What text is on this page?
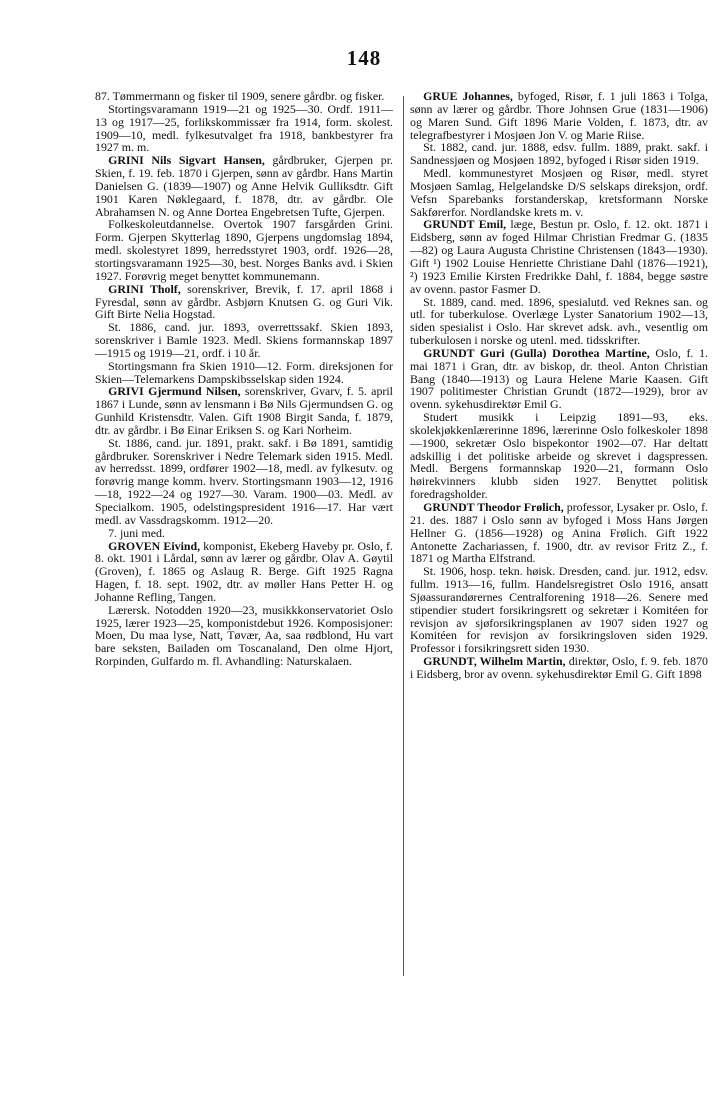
148

87. Tømmermann og fisker til 1909, senere gårdbr. og fisker.

Stortingsvaramann 1919—21 og 1925—30. Ordf. 1911—13 og 1917—25, forlikskommissær fra 1914, form. skolest. 1909—10, medl. fylkesutvalget fra 1918, bankbestyrer fra 1927 m. m.

GRINI Nils Sigvart Hansen, gårdbruker, Gjerpen pr. Skien, f. 19. feb. 1870 i Gjerpen, sønn av gårdbr. Hans Martin Danielsen G. (1839—1907) og Anne Helvik Gulliksdtr. Gift 1901 Karen Nøklegaard, f. 1878, dtr. av gårdbr. Ole Abrahamsen N. og Anne Dortea Engebretsen Tufte, Gjerpen.

Folkeskoleutdannelse. Overtok 1907 farsgården Grini. Form. Gjerpen Skytterlag 1890, Gjerpens ungdomslag 1894, medl. skolestyret 1899, herredsstyret 1903, ordf. 1926—28, stortingsvaramann 1925—30, best. Norges Banks avd. i Skien 1927. Forøvrig meget benyttet kommunemann.

GRINI Tholf, sorenskriver, Brevik, f. 17. april 1868 i Fyresdal, sønn av gårdbr. Asbjørn Knutsen G. og Guri Vik. Gift Birte Nelia Hogstad.

St. 1886, cand. jur. 1893, overrettssakf. Skien 1893, sorenskriver i Bamle 1923. Medl. Skiens formannskap 1897—1915 og 1919—21, ordf. i 10 år.

Stortingsmann fra Skien 1910—12. Form. direksjonen for Skien—Telemarkens Dampskibsselskap siden 1924.

GRIVI Gjermund Nilsen, sorenskriver, Gvarv, f. 5. april 1867 i Lunde, sønn av lensmann i Bø Nils Gjermundsen G. og Gunhild Kristensdtr. Valen. Gift 1908 Birgit Sanda, f. 1879, dtr. av gårdbr. i Bø Einar Eriksen S. og Kari Norheim.

St. 1886, cand. jur. 1891, prakt. sakf. i Bø 1891, samtidig gårdbruker. Sorenskriver i Nedre Telemark siden 1915. Medl. av herredsst. 1899, ordfører 1902—18, medl. av fylkesutv. og forøvrig mange komm. hverv. Stortingsmann 1903—12, 1916—18, 1922—24 og 1927—30. Varam. 1900—03. Medl. av Specialkom. 1905, odelstingspresident 1916—17. Har vært medl. av Vassdragskomm. 1912—20.

7. juni med.

GROVEN Eivind, komponist, Ekeberg Haveby pr. Oslo, f. 8. okt. 1901 i Lårdal, sønn av lærer og gårdbr. Olav A. Gøytil (Groven), f. 1865 og Aslaug R. Berge. Gift 1925 Ragna Hagen, f. 18. sept. 1902, dtr. av møller Hans Petter H. og Johanne Refling, Tangen.

Lærersk. Notodden 1920—23, musikkkonservatoriet Oslo 1925, lærer 1923—25, komponistdebut 1926. Komposisjoner: Moen, Du maa lyse, Natt, Tøvær, Aa, saa rødblond, Hu vart bare seksten, Bailaden om Toscanaland, Den olme Hjort, Rorpinden, Gulfardo m. fl. Avhandling: Naturskalaen.

GRUE Johannes, byfoged, Risør, f. 1 juli 1863 i Tolga, sønn av lærer og gårdbr. Thore Johnsen Grue (1831—1906) og Maren Sund. Gift 1896 Marie Volden, f. 1873, dtr. av telegrafbestyrer i Mosjøen Jon V. og Marie Riise.

St. 1882, cand. jur. 1888, edsv. fullm. 1889, prakt. sakf. i Sandnessjøen og Mosjøen 1892, byfoged i Risør siden 1919.

Medl. kommunestyret Mosjøen og Risør, medl. styret Mosjøen Samlag, Helgelandske D/S selskaps direksjon, ordf. Vefsn Sparebanks forstanderskap, kretsformann Norske Sakførerfor. Nordlandske krets m. v.

GRUNDT Emil, læge, Bestun pr. Oslo, f. 12. okt. 1871 i Eidsberg, sønn av foged Hilmar Christian Fredmar G. (1835—82) og Laura Augusta Christine Christensen (1843—1930). Gift ¹) 1902 Louise Henriette Christiane Dahl (1876—1921), ²) 1923 Emilie Kirsten Fredrikke Dahl, f. 1884, begge søstre av ovenn. pastor Fasmer D.

St. 1889, cand. med. 1896, spesialutd. ved Reknes san. og utl. for tuberkulose. Overlæge Lyster Sanatorium 1902—13, siden spesialist i Oslo. Har skrevet adsk. avh., vesentlig om tuberkulosen i norske og utenl. med. tidsskrifter.

GRUNDT Guri (Gulla) Dorothea Martine, Oslo, f. 1. mai 1871 i Gran, dtr. av biskop, dr. theol. Anton Christian Bang (1840—1913) og Laura Helene Marie Kaasen. Gift 1907 politimester Christian Grundt (1872—1929), bror av ovenn. sykehusdirektør Emil G.

Studert musikk i Leipzig 1891—93, eks. skolekjøkkenlærerinne 1896, lærerinne Oslo folkeskoler 1898—1900, sekretær Oslo bispekontor 1902—07. Har deltatt adskillig i det politiske arbeide og skrevet i dagspressen. Medl. Bergens formannskap 1920—21, formann Oslo høirekvinners klubb siden 1927. Benyttet politisk foredragsholder.

GRUNDT Theodor Frølich, professor, Lysaker pr. Oslo, f. 21. des. 1887 i Oslo sønn av byfoged i Moss Hans Jørgen Hellner G. (1856—1928) og Anina Frølich. Gift 1922 Antonette Zachariassen, f. 1900, dtr. av revisor Fritz Z., f. 1871 og Martha Elfstrand.

St. 1906, hosp. tekn. høisk. Dresden, cand. jur. 1912, edsv. fullm. 1913—16, fullm. Handelsregistret Oslo 1916, ansatt Sjøassurandørernes Centralforening 1918—26. Senere med stipendier studert forsikringsrett og sekretær i Komitéen for revisjon av sjøforsikringsplanen av 1907 siden 1927 og Komitéen for revisjon av forsikringsloven siden 1929. Professor i forsikringsrett siden 1930.

GRUNDT, Wilhelm Martin, direktør, Oslo, f. 9. feb. 1870 i Eidsberg, bror av ovenn. sykehusdirektør Emil G. Gift 1898
